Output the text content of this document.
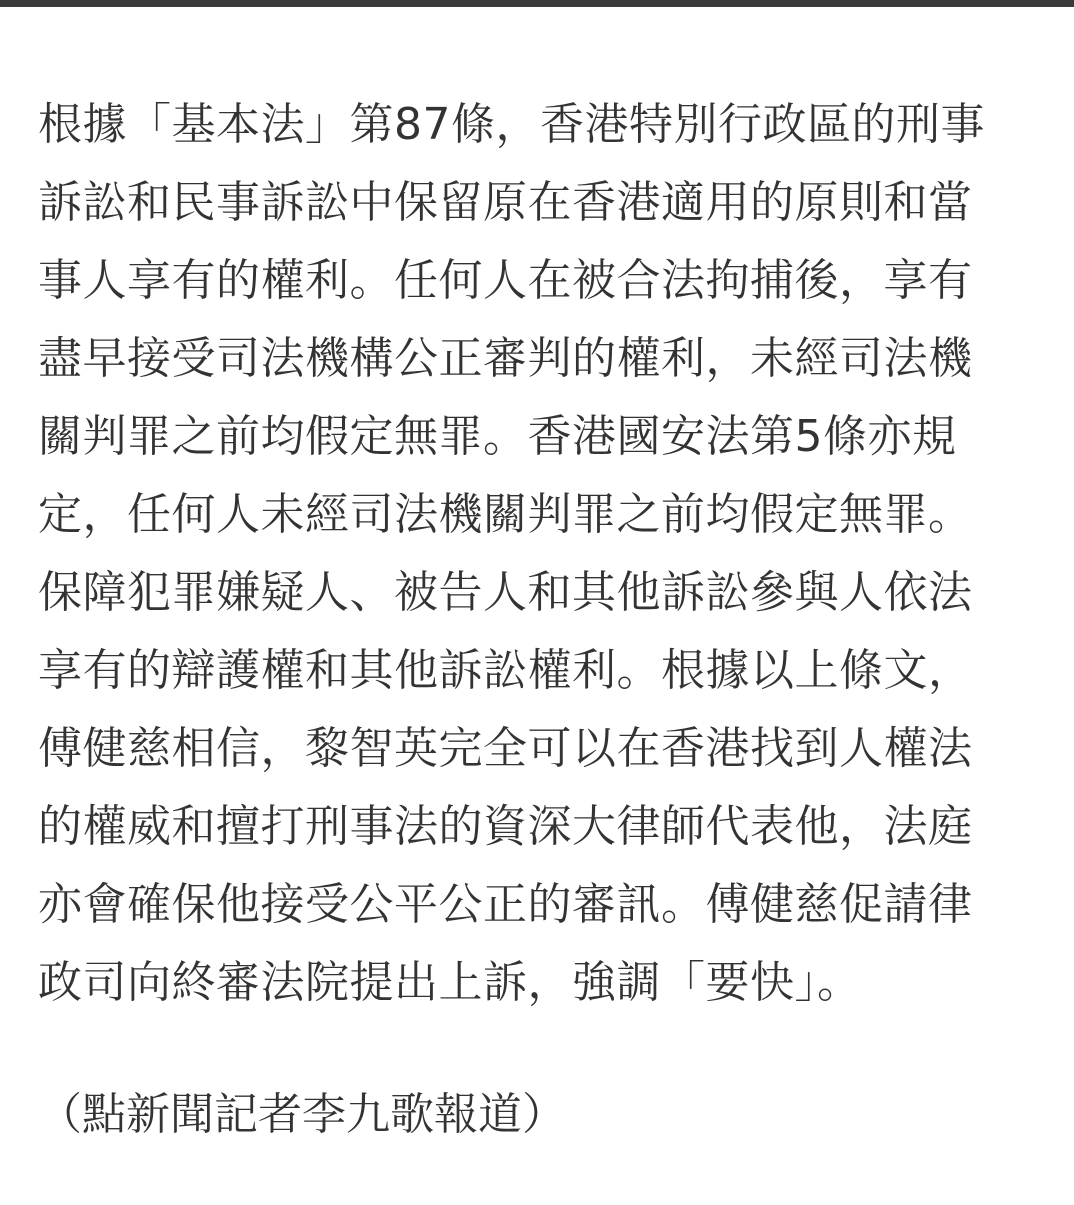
根據「基本法」第87條，香港特別行政區的刑事
訴訟和民事訴訟中保留原在香港適用的原則和當
事人享有的權利。任何人在被合法拘捕後，享有
盡早接受司法機構公正審判的權利，未經司法機
關判罪之前均假定無罪。香港國安法第5條亦規
定，任何人未經司法機關判罪之前均假定無罪。
保障犯罪嫌疑人、被告人和其他訴訟參與人依法
享有的辯護權和其他訴訟權利。根據以上條文，
傅健慈相信，黎智英完全可以在香港找到人權法
的權威和擅打刑事法的資深大律師代表他，法庭
亦會確保他接受公平公正的審訊。傅健慈促請律
政司向終審法院提出上訴，強調「要快」。

（點新聞記者李九歌報道）
